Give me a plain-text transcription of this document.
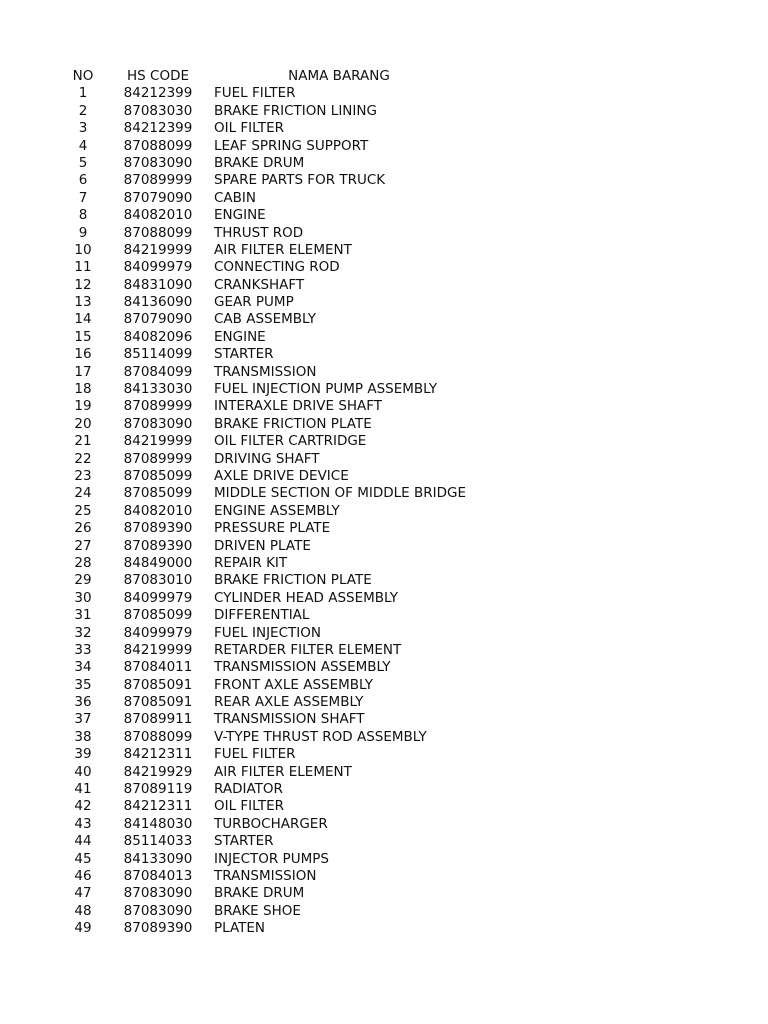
NO	HS CODE	NAMA BARANG
1	84212399	FUEL FILTER
2	87083030	BRAKE FRICTION LINING
3	84212399	OIL FILTER
4	87088099	LEAF SPRING SUPPORT
5	87083090	BRAKE DRUM
6	87089999	SPARE PARTS FOR TRUCK
7	87079090	CABIN
8	84082010	ENGINE
9	87088099	THRUST ROD
10	84219999	AIR FILTER ELEMENT
11	84099979	CONNECTING ROD
12	84831090	CRANKSHAFT
13	84136090	GEAR PUMP
14	87079090	CAB ASSEMBLY
15	84082096	ENGINE
16	85114099	STARTER
17	87084099	TRANSMISSION
18	84133030	FUEL INJECTION PUMP ASSEMBLY
19	87089999	INTERAXLE DRIVE SHAFT
20	87083090	BRAKE FRICTION PLATE
21	84219999	OIL FILTER CARTRIDGE
22	87089999	DRIVING SHAFT
23	87085099	AXLE DRIVE DEVICE
24	87085099	MIDDLE SECTION OF MIDDLE BRIDGE
25	84082010	ENGINE ASSEMBLY
26	87089390	PRESSURE PLATE
27	87089390	DRIVEN PLATE
28	84849000	REPAIR KIT
29	87083010	BRAKE FRICTION PLATE
30	84099979	CYLINDER HEAD ASSEMBLY
31	87085099	DIFFERENTIAL
32	84099979	FUEL INJECTION
33	84219999	RETARDER FILTER ELEMENT
34	87084011	TRANSMISSION ASSEMBLY
35	87085091	FRONT AXLE ASSEMBLY
36	87085091	REAR AXLE ASSEMBLY
37	87089911	TRANSMISSION SHAFT
38	87088099	V-TYPE THRUST ROD ASSEMBLY
39	84212311	FUEL FILTER
40	84219929	AIR FILTER ELEMENT
41	87089119	RADIATOR
42	84212311	OIL FILTER
43	84148030	TURBOCHARGER
44	85114033	STARTER
45	84133090	INJECTOR PUMPS
46	87084013	TRANSMISSION
47	87083090	BRAKE DRUM
48	87083090	BRAKE SHOE
49	87089390	PLATEN
